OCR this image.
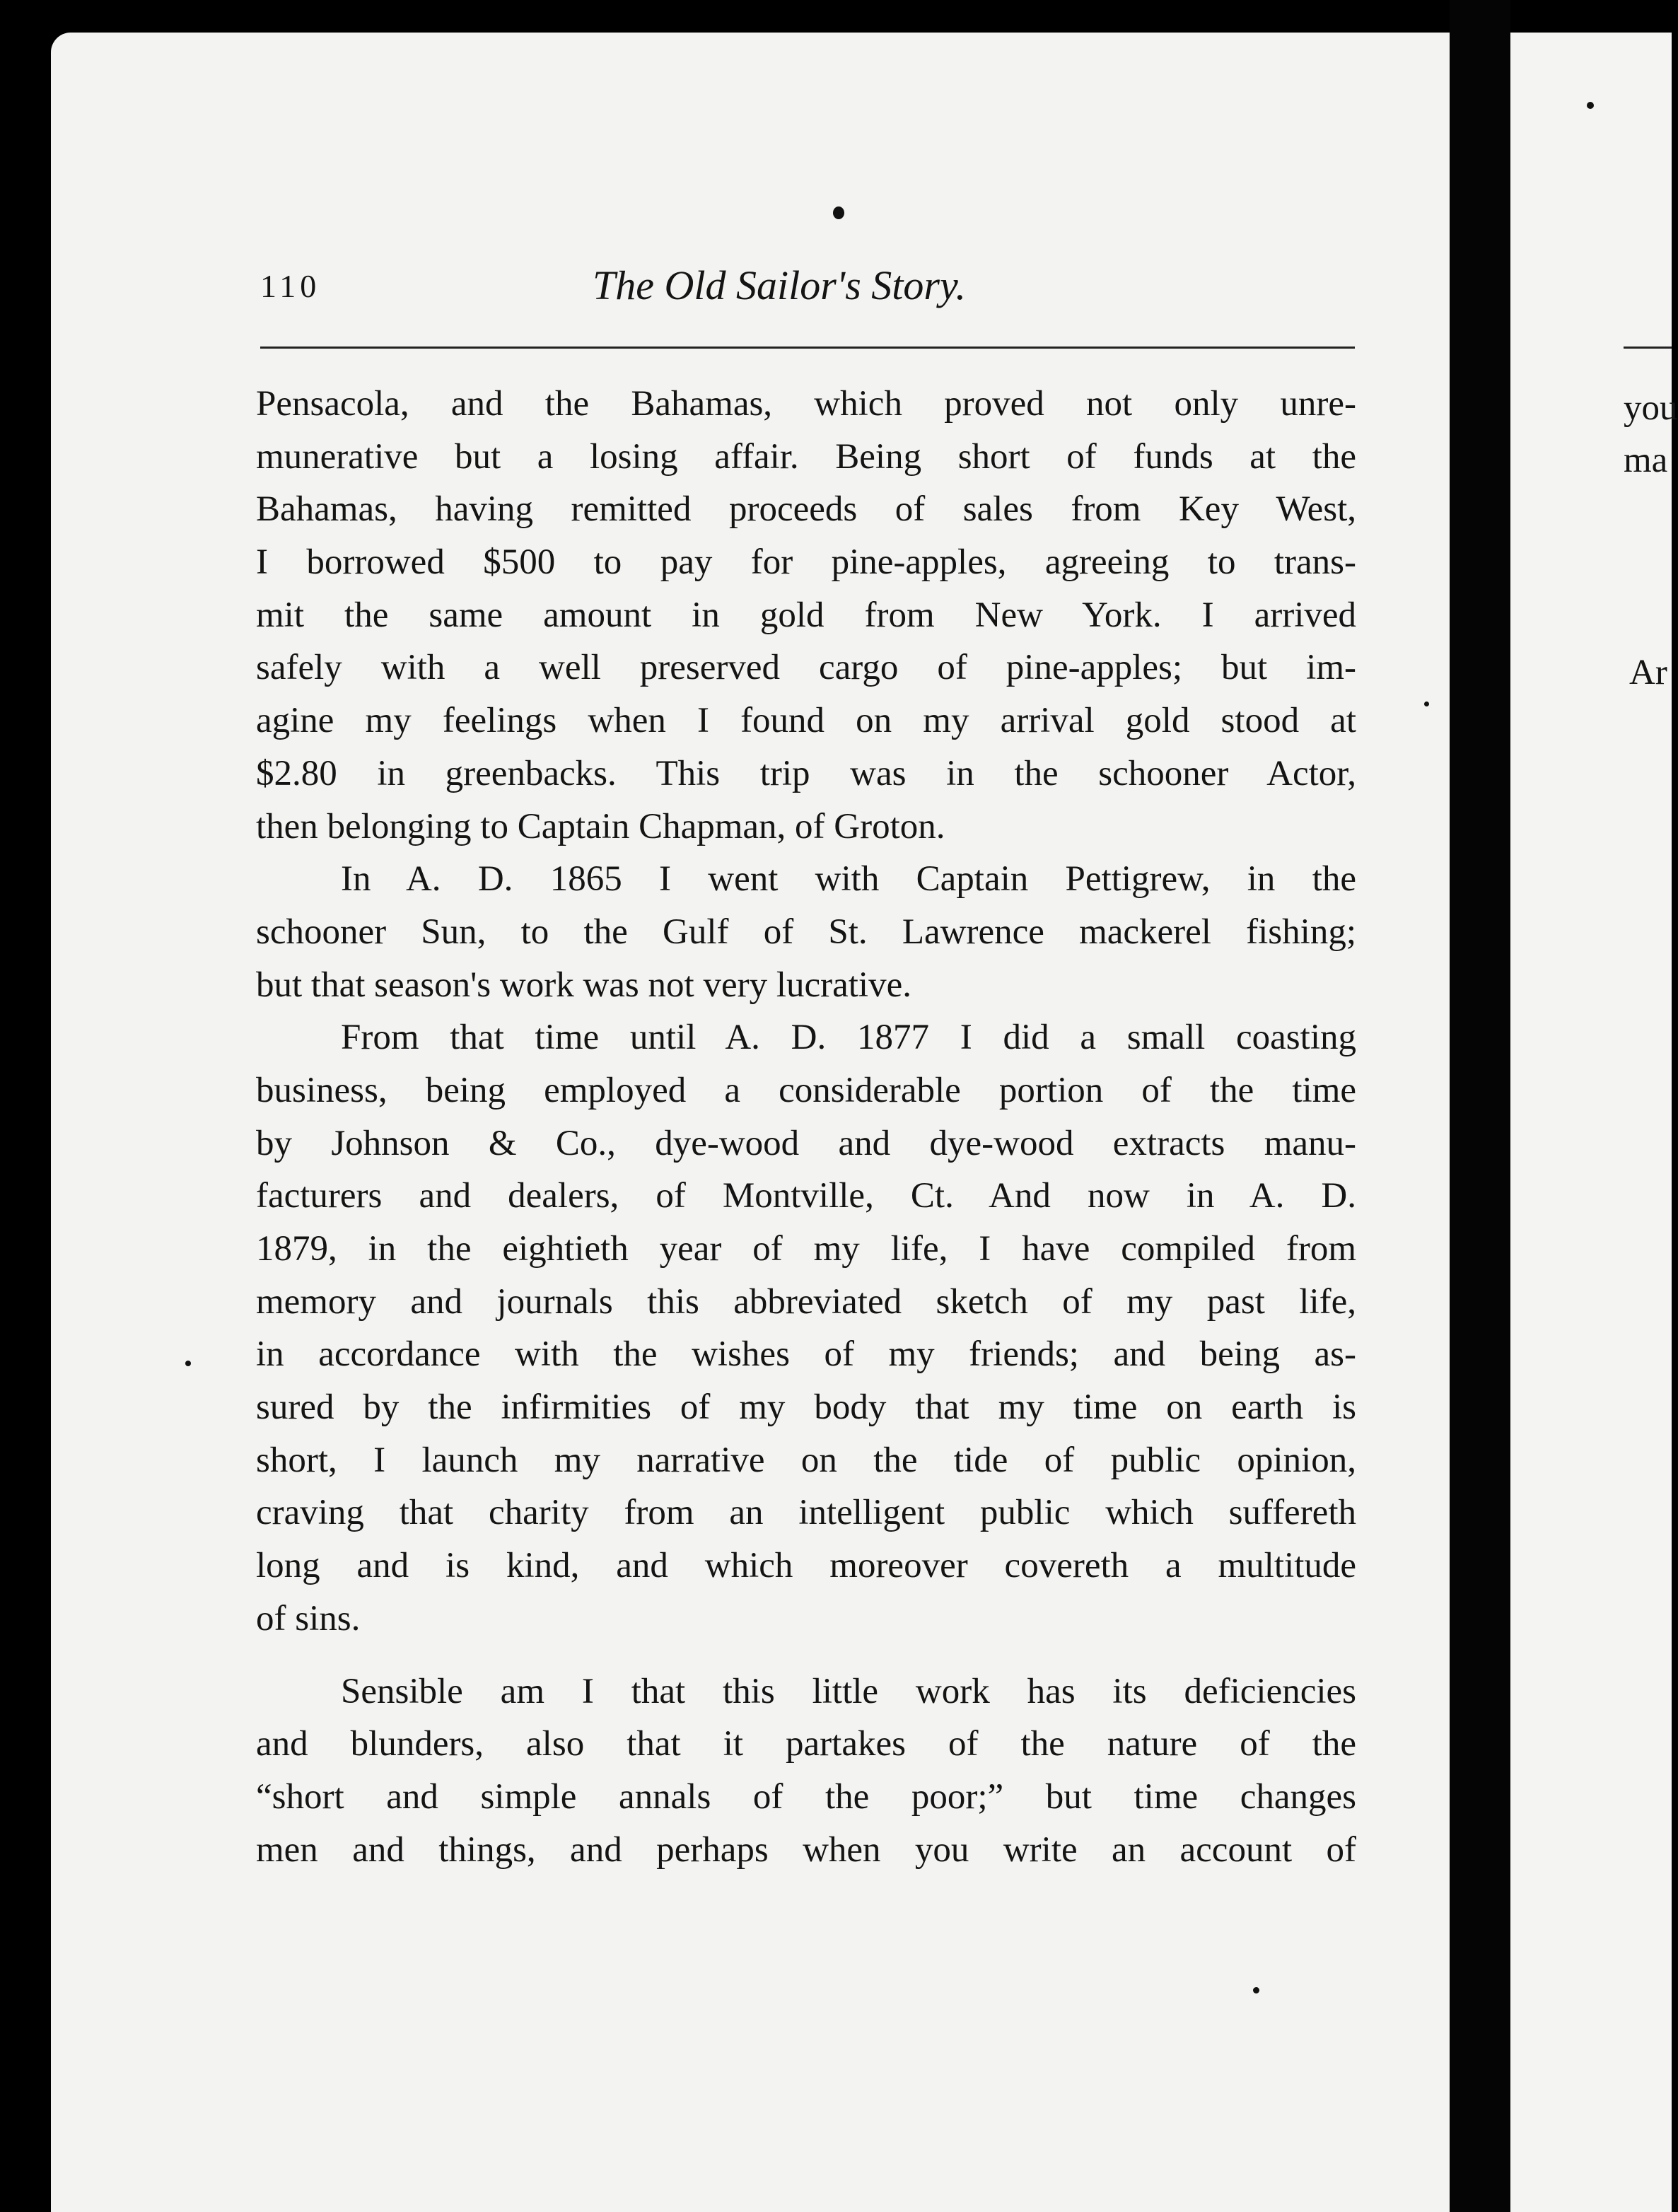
110	The Old Sailor's Story.
Pensacola, and the Bahamas, which proved not only unre-
munerative but a losing affair. Being short of funds at the
Bahamas, having remitted proceeds of sales from Key West,
I borrowed $500 to pay for pine-apples, agreeing to trans-
mit the same amount in gold from New York. I arrived
safely with a well preserved cargo of pine-apples; but im-
agine my feelings when I found on my arrival gold stood at
$2.80 in greenbacks. This trip was in the schooner Actor,
then belonging to Captain Chapman, of Groton.
In A. D. 1865 I went with Captain Pettigrew, in the
schooner Sun, to the Gulf of St. Lawrence mackerel fishing;
but that season's work was not very lucrative.
From that time until A. D. 1877 I did a small coasting
business, being employed a considerable portion of the time
by Johnson & Co., dye-wood and dye-wood extracts manu-
facturers and dealers, of Montville, Ct. And now in A. D.
1879, in the eightieth year of my life, I have compiled from
memory and journals this abbreviated sketch of my past life,
in accordance with the wishes of my friends; and being as-
sured by the infirmities of my body that my time on earth is
short, I launch my narrative on the tide of public opinion,
craving that charity from an intelligent public which suffereth
long and is kind, and which moreover covereth a multitude
of sins.
Sensible am I that this little work has its deficiencies
and blunders, also that it partakes of the nature of the
“short and simple annals of the poor;” but time changes
men and things, and perhaps when you write an account of
you
ma
Ar
